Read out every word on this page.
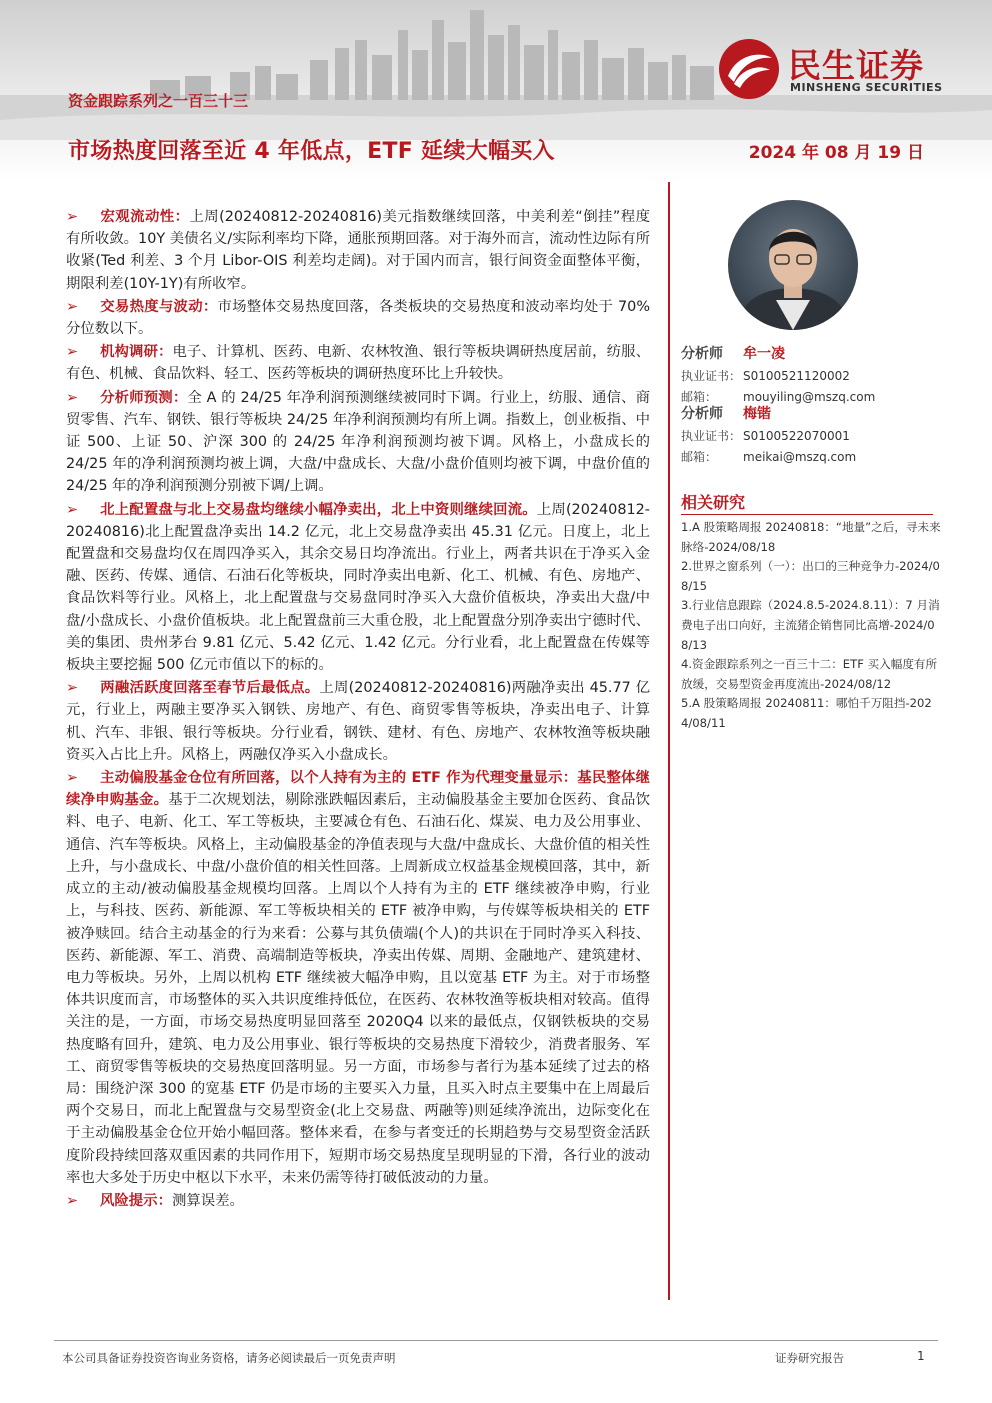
资金跟踪系列之一百三十三
市场热度回落至近 4 年低点，ETF 延续大幅买入	2024 年 08 月 19 日
民生证券
MINSHENG SECURITIES

➢ 宏观流动性：上周(20240812-20240816)美元指数继续回落，中美利差“倒挂”程度有所收敛。10Y 美债名义/实际利率均下降，通胀预期回落。对于海外而言，流动性边际有所收紧(Ted 利差、3 个月 Libor-OIS 利差均走阔)。对于国内而言，银行间资金面整体平衡，期限利差(10Y-1Y)有所收窄。

➢ 交易热度与波动：市场整体交易热度回落，各类板块的交易热度和波动率均处于 70%分位数以下。

➢ 机构调研：电子、计算机、医药、电新、农林牧渔、银行等板块调研热度居前，纺服、有色、机械、食品饮料、轻工、医药等板块的调研热度环比上升较快。

➢ 分析师预测：全 A 的 24/25 年净利润预测继续被同时下调。行业上，纺服、通信、商贸零售、汽车、钢铁、银行等板块 24/25 年净利润预测均有所上调。指数上，创业板指、中证 500、上证 50、沪深 300 的 24/25 年净利润预测均被下调。风格上，小盘成长的 24/25 年的净利润预测均被上调，大盘/中盘成长、大盘/小盘价值则均被下调，中盘价值的 24/25 年的净利润预测分别被下调/上调。

➢ 北上配置盘与北上交易盘均继续小幅净卖出，北上中资则继续回流。上周(20240812-20240816)北上配置盘净卖出 14.2 亿元，北上交易盘净卖出 45.31 亿元。日度上，北上配置盘和交易盘均仅在周四净买入，其余交易日均净流出。行业上，两者共识在于净买入金融、医药、传媒、通信、石油石化等板块，同时净卖出电新、化工、机械、有色、房地产、食品饮料等行业。风格上，北上配置盘与交易盘同时净买入大盘价值板块，净卖出大盘/中盘/小盘成长、小盘价值板块。北上配置盘前三大重仓股，北上配置盘分别净卖出宁德时代、美的集团、贵州茅台 9.81 亿元、5.42 亿元、1.42 亿元。分行业看，北上配置盘在传媒等板块主要挖掘 500 亿元市值以下的标的。

➢ 两融活跃度回落至春节后最低点。上周(20240812-20240816)两融净卖出 45.77 亿元，行业上，两融主要净买入钢铁、房地产、有色、商贸零售等板块，净卖出电子、计算机、汽车、非银、银行等板块。分行业看，钢铁、建材、有色、房地产、农林牧渔等板块融资买入占比上升。风格上，两融仅净买入小盘成长。

➢ 主动偏股基金仓位有所回落，以个人持有为主的 ETF 作为代理变量显示：基民整体继续净申购基金。基于二次规划法，剔除涨跌幅因素后，主动偏股基金主要加仓医药、食品饮料、电子、电新、化工、军工等板块，主要减仓有色、石油石化、煤炭、电力及公用事业、通信、汽车等板块。风格上，主动偏股基金的净值表现与大盘/中盘成长、大盘价值的相关性上升，与小盘成长、中盘/小盘价值的相关性回落。上周新成立权益基金规模回落，其中，新成立的主动/被动偏股基金规模均回落。上周以个人持有为主的 ETF 继续被净申购，行业上，与科技、医药、新能源、军工等板块相关的 ETF 被净申购，与传媒等板块相关的 ETF 被净赎回。结合主动基金的行为来看：公募与其负债端(个人)的共识在于同时净买入科技、医药、新能源、军工、消费、高端制造等板块，净卖出传媒、周期、金融地产、建筑建材、电力等板块。另外，上周以机构 ETF 继续被大幅净申购，且以宽基 ETF 为主。对于市场整体共识度而言，市场整体的买入共识度维持低位，在医药、农林牧渔等板块相对较高。值得关注的是，一方面，市场交易热度明显回落至 2020Q4 以来的最低点，仅钢铁板块的交易热度略有回升，建筑、电力及公用事业、银行等板块的交易热度下滑较少，消费者服务、军工、商贸零售等板块的交易热度回落明显。另一方面，市场参与者行为基本延续了过去的格局：围绕沪深 300 的宽基 ETF 仍是市场的主要买入力量，且买入时点主要集中在上周最后两个交易日，而北上配置盘与交易型资金(北上交易盘、两融等)则延续净流出，边际变化在于主动偏股基金仓位开始小幅回落。整体来看，在参与者变迁的长期趋势与交易型资金活跃度阶段持续回落双重因素的共同作用下，短期市场交易热度呈现明显的下滑，各行业的波动率也大多处于历史中枢以下水平，未来仍需等待打破低波动的力量。

➢ 风险提示：测算误差。

分析师 牟一凌
执业证书： S0100521120002
邮箱： mouyiling@mszq.com
分析师 梅锴
执业证书： S0100522070001
邮箱： meikai@mszq.com
相关研究
1.A 股策略周报 20240818：“地量”之后，寻未来脉络-2024/08/18
2.世界之窗系列（一）：出口的三种竞争力-2024/08/15
3.行业信息跟踪（2024.8.5-2024.8.11）：7 月消费电子出口向好，主流猪企销售同比高增-2024/08/13
4.资金跟踪系列之一百三十二：ETF 买入幅度有所放缓，交易型资金再度流出-2024/08/12
5.A 股策略周报 20240811：哪怕千万阻挡-2024/08/11
本公司具备证券投资咨询业务资格，请务必阅读最后一页免责声明	证券研究报告	1
